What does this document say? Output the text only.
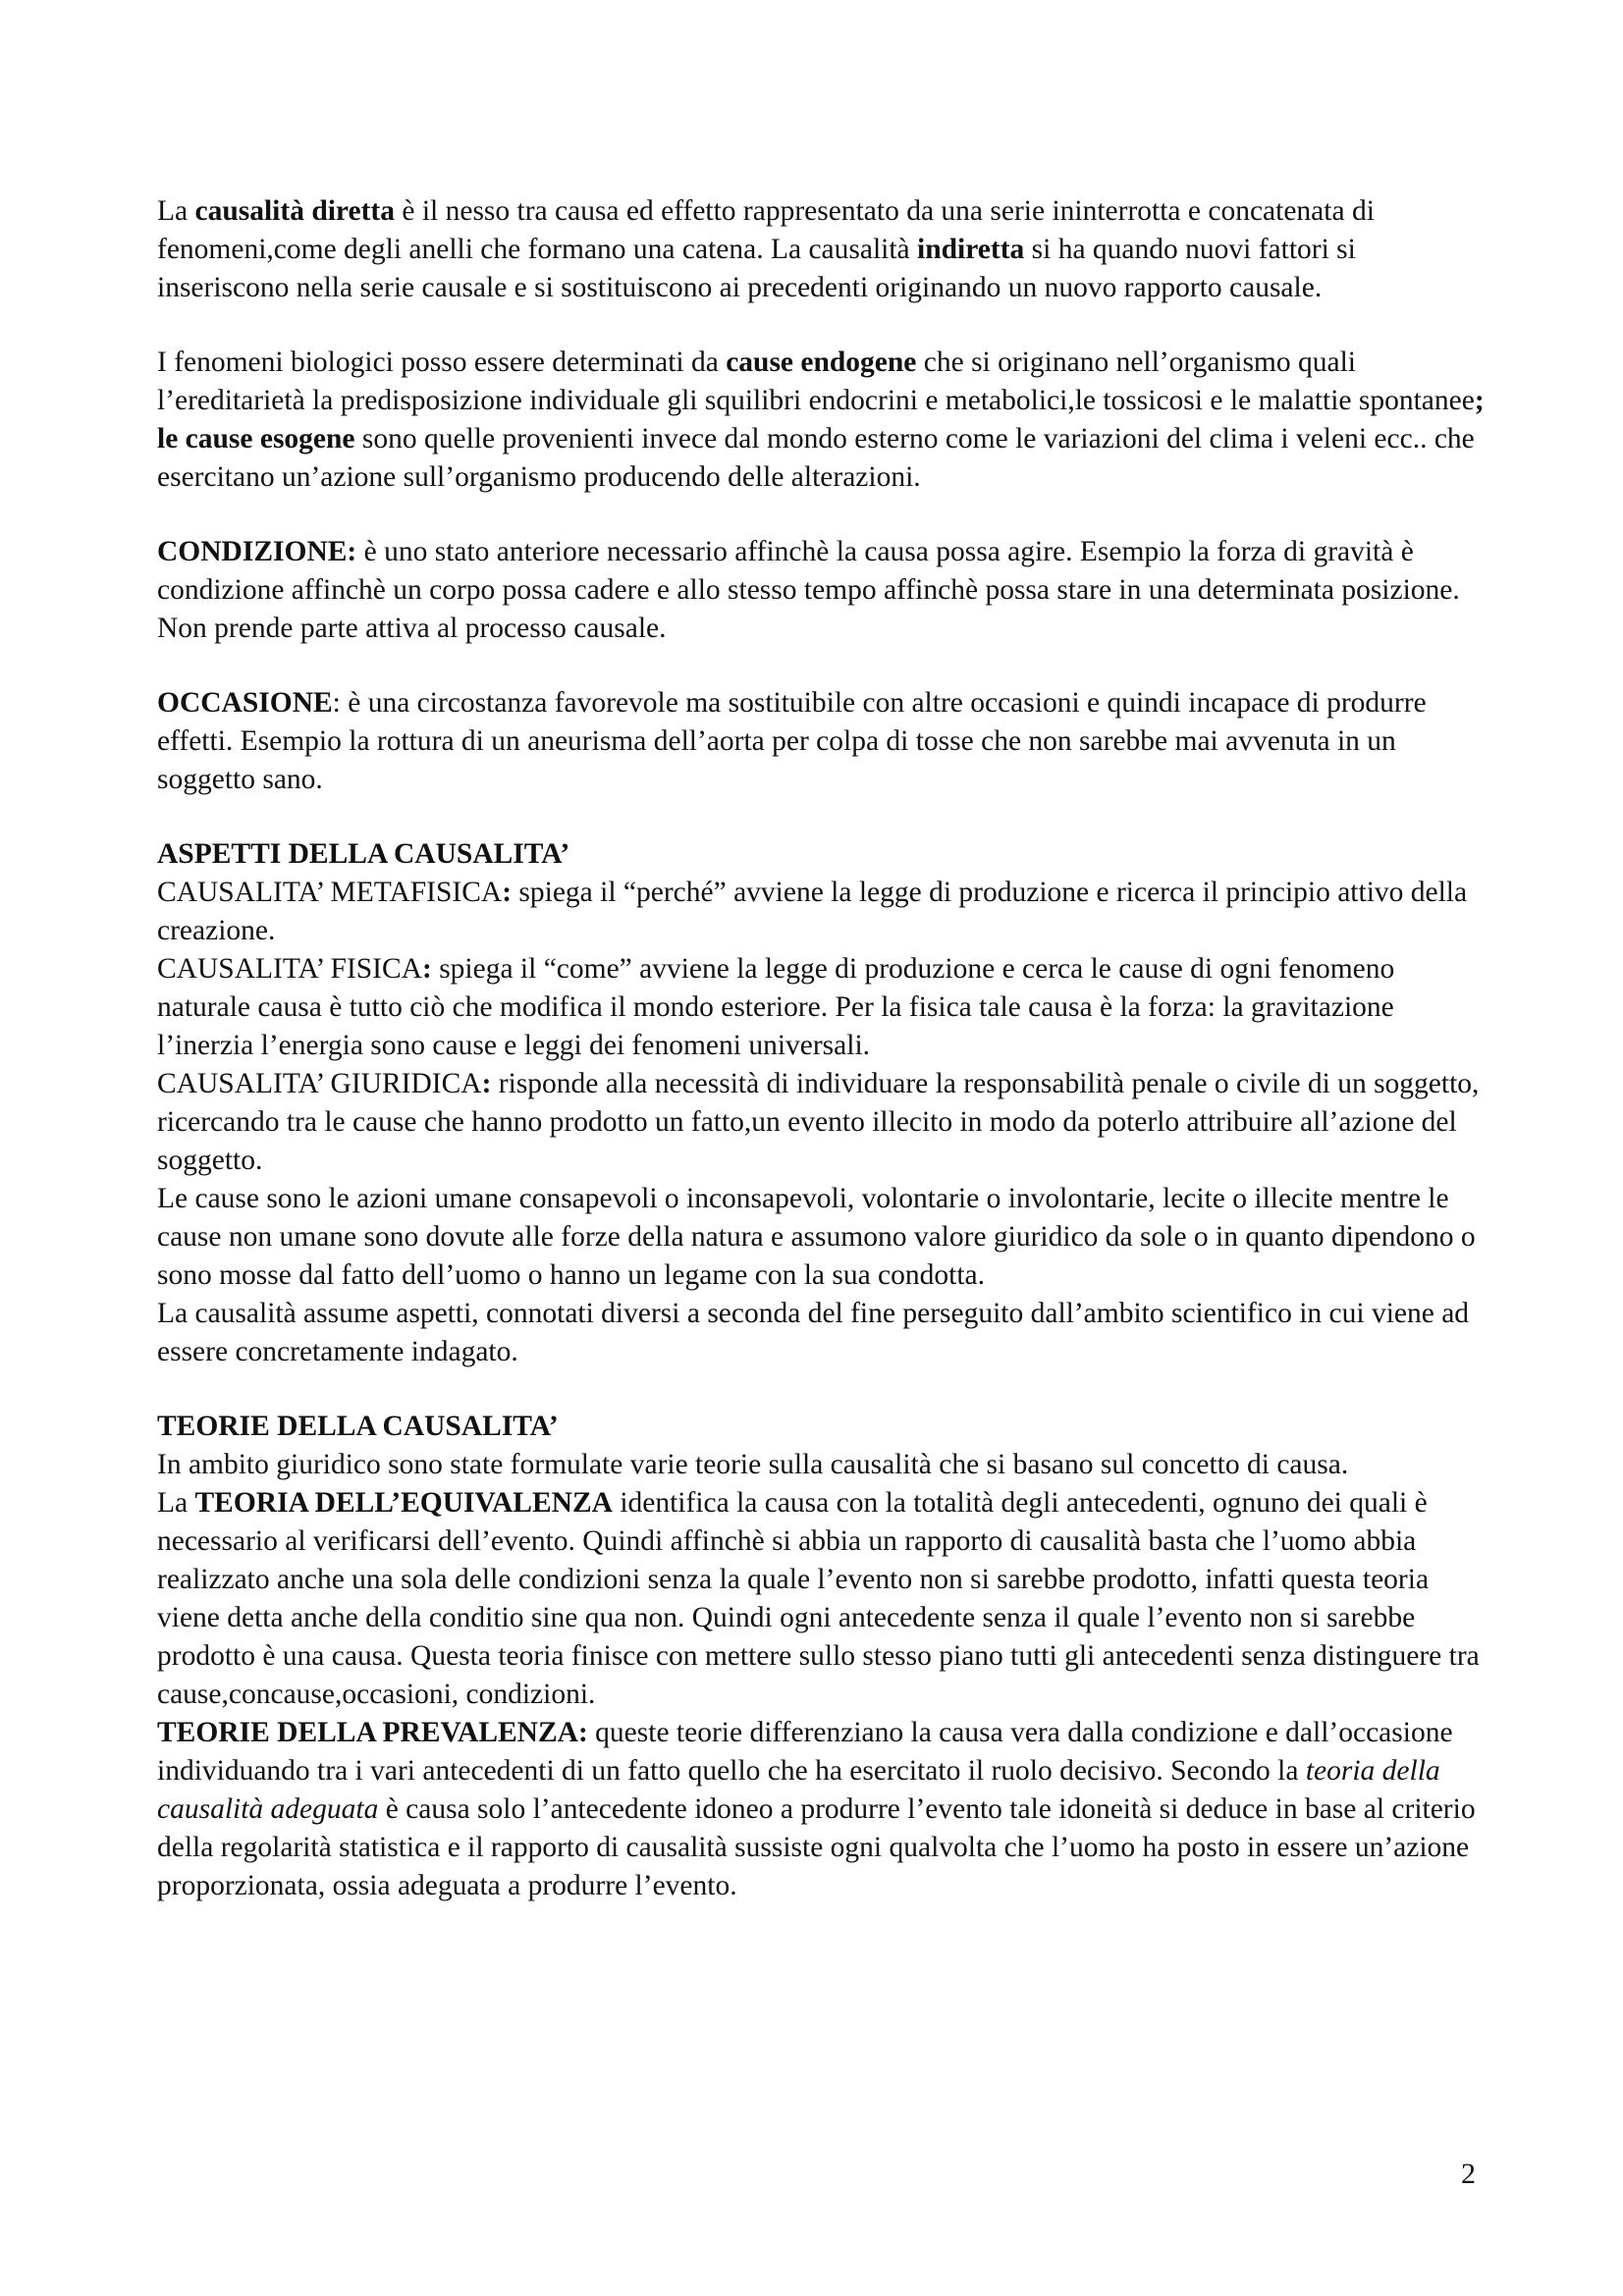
La causalità diretta è il nesso tra causa ed effetto rappresentato da una serie ininterrotta e concatenata di fenomeni,come degli anelli che formano una catena. La causalità indiretta si ha quando nuovi fattori si inseriscono nella serie causale e si sostituiscono ai precedenti originando un nuovo rapporto causale.

I fenomeni biologici posso essere determinati da cause endogene che si originano nell’organismo quali l’ereditarietà la predisposizione individuale gli squilibri endocrini e metabolici,le tossicosi e le malattie spontanee; le cause esogene sono quelle provenienti invece dal mondo esterno come le variazioni del clima i veleni ecc.. che esercitano un’azione sull’organismo producendo delle alterazioni.

CONDIZIONE: è uno stato anteriore necessario affinchè la causa possa agire. Esempio la forza di gravità è condizione affinchè un corpo possa cadere e allo stesso tempo affinchè possa stare in una determinata posizione. Non prende parte attiva al processo causale.

OCCASIONE: è una circostanza favorevole ma sostituibile con altre occasioni e quindi incapace di produrre effetti. Esempio la rottura di un aneurisma dell’aorta per colpa di tosse che non sarebbe mai avvenuta in un soggetto sano.

ASPETTI DELLA CAUSALITA’

CAUSALITA’ METAFISICA: spiega il “perché” avviene la legge di produzione e ricerca il principio attivo della creazione.

CAUSALITA’ FISICA: spiega il “come” avviene la legge di produzione e cerca le cause di ogni fenomeno naturale causa è tutto ciò che modifica il mondo esteriore. Per la fisica tale causa è la forza: la gravitazione l’inerzia l’energia sono cause e leggi dei fenomeni universali.

CAUSALITA’ GIURIDICA: risponde alla necessità di individuare la responsabilità penale o civile di un soggetto, ricercando tra le cause che hanno prodotto un fatto,un evento illecito in modo da poterlo attribuire all’azione del soggetto.

Le cause sono le azioni umane consapevoli o inconsapevoli, volontarie o involontarie, lecite o illecite mentre le cause non umane sono dovute alle forze della natura e assumono valore giuridico da sole o in quanto dipendono o sono mosse dal fatto dell’uomo o hanno un legame con la sua condotta.

La causalità assume aspetti, connotati diversi a seconda del fine perseguito dall’ambito scientifico in cui viene ad essere concretamente indagato.

TEORIE DELLA CAUSALITA’

In ambito giuridico sono state formulate varie teorie sulla causalità che si basano sul concetto di causa.

La TEORIA DELL’EQUIVALENZA identifica la causa con la totalità degli antecedenti, ognuno dei quali è necessario al verificarsi dell’evento. Quindi affinchè si abbia un rapporto di causalità basta che l’uomo abbia realizzato anche una sola delle condizioni senza la quale l’evento non si sarebbe prodotto, infatti questa teoria viene detta anche della conditio sine qua non. Quindi ogni antecedente senza il quale l’evento non si sarebbe prodotto è una causa. Questa teoria finisce con mettere sullo stesso piano tutti gli antecedenti senza distinguere tra cause,concause,occasioni, condizioni.

TEORIE DELLA PREVALENZA: queste teorie differenziano la causa vera dalla condizione e dall’occasione individuando tra i vari antecedenti di un fatto quello che ha esercitato il ruolo decisivo. Secondo la teoria della causalità adeguata è causa solo l’antecedente idoneo a produrre l’evento tale idoneità si deduce in base al criterio della regolarità statistica e il rapporto di causalità sussiste ogni qualvolta che l’uomo ha posto in essere un’azione proporzionata, ossia adeguata a produrre l’evento.

2
